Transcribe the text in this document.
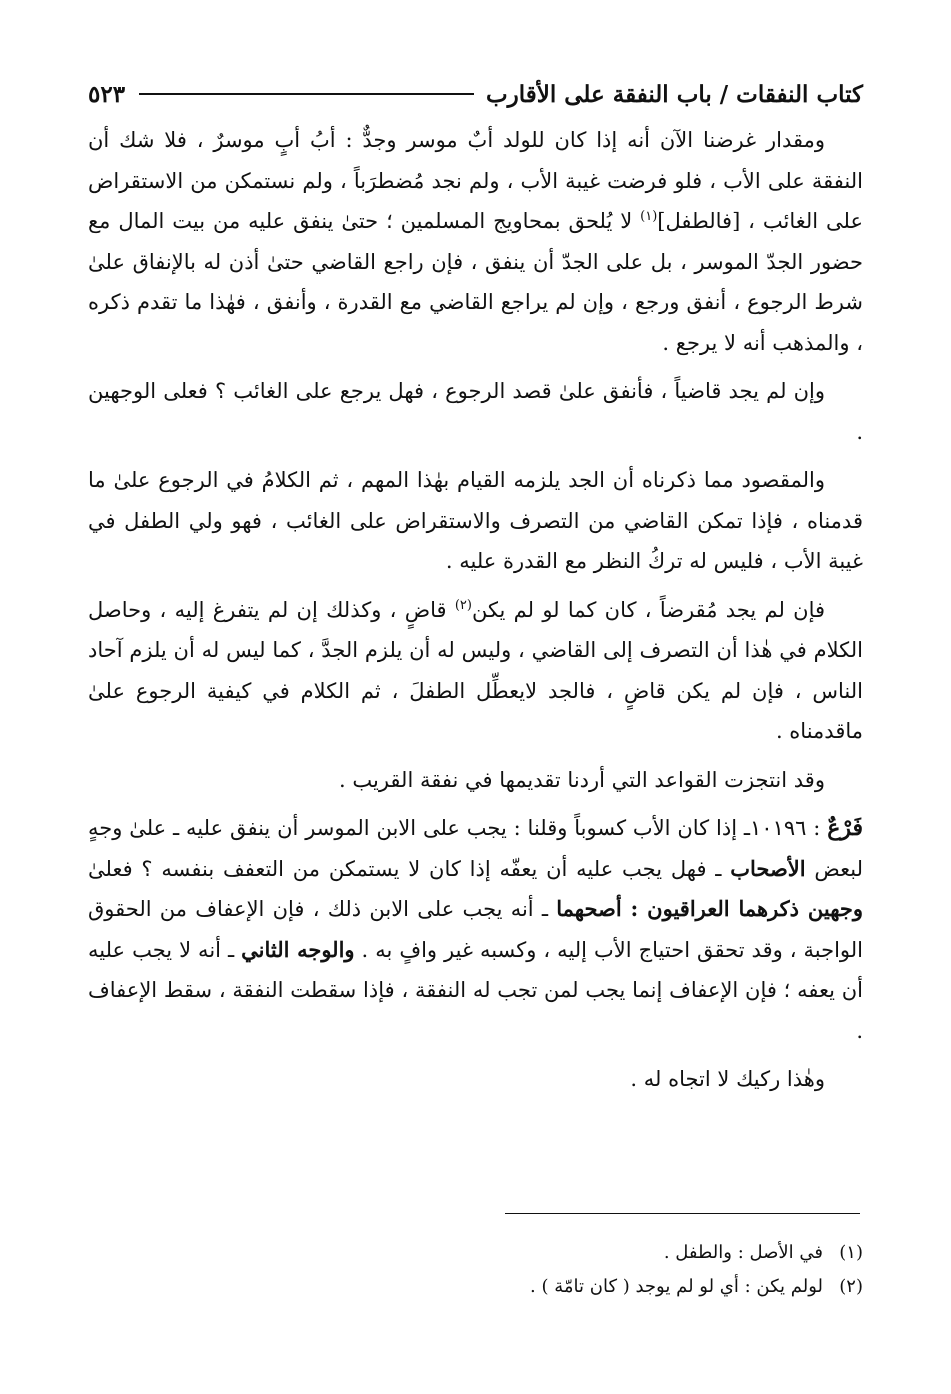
كتاب النفقات / باب النفقة على الأقارب
٥٢٣

ومقدار غرضنا الآن أنه إذا كان للولد أبٌ موسر وجدٌّ : أبُ أبٍ موسرٌ ، فلا شك أن النفقة على الأب ، فلو فرضت غيبة الأب ، ولم نجد مُضطرَباً ، ولم نستمكن من الاستقراض على الغائب ، [فالطفل]$^{(١)}$ لا يُلحق بمحاويج المسلمين ؛ حتىٰ ينفق عليه من بيت المال مع حضور الجدّ الموسر ، بل على الجدّ أن ينفق ، فإن راجع القاضي حتىٰ أذن له بالإنفاق علىٰ شرط الرجوع ، أنفق ورجع ، وإن لم يراجع القاضي مع القدرة ، وأنفق ، فهٰذا ما تقدم ذكره ، والمذهب أنه لا يرجع .

وإن لم يجد قاضياً ، فأنفق علىٰ قصد الرجوع ، فهل يرجع على الغائب ؟ فعلى الوجهين .

والمقصود مما ذكرناه أن الجد يلزمه القيام بهٰذا المهم ، ثم الكلامُ في الرجوع علىٰ ما قدمناه ، فإذا تمكن القاضي من التصرف والاستقراض على الغائب ، فهو ولي الطفل في غيبة الأب ، فليس له تركُ النظر مع القدرة عليه .

فإن لم يجد مُقرضاً ، كان كما لو لم يكن$^{(٢)}$ قاضٍ ، وكذلك إن لم يتفرغ إليه ، وحاصل الكلام في هٰذا أن التصرف إلى القاضي ، وليس له أن يلزم الجدَّ ، كما ليس له أن يلزم آحاد الناس ، فإن لم يكن قاضٍ ، فالجد لايعطِّل الطفلَ ، ثم الكلام في كيفية الرجوع علىٰ ماقدمناه .

وقد انتجزت القواعد التي أردنا تقديمها في نفقة القريب .

فَرْعٌ : ١٠١٩٦ـ إذا كان الأب كسوباً وقلنا : يجب على الابن الموسر أن ينفق عليه ـ علىٰ وجهٍ لبعض الأصحاب ـ فهل يجب عليه أن يعفّه إذا كان لا يستمكن من التعفف بنفسه ؟ فعلىٰ وجهين ذكرهما العراقيون : أصحهما ـ أنه يجب على الابن ذلك ، فإن الإعفاف من الحقوق الواجبة ، وقد تحقق احتياج الأب إليه ، وكسبه غير وافٍ به . والوجه الثاني ـ أنه لا يجب عليه أن يعفه ؛ فإن الإعفاف إنما يجب لمن تجب له النفقة ، فإذا سقطت النفقة ، سقط الإعفاف .

وهٰذا ركيك لا اتجاه له .

(١)
في الأصل : والطفل .
(٢)
لولم يكن : أي لو لم يوجد ( كان تامّة ) .
